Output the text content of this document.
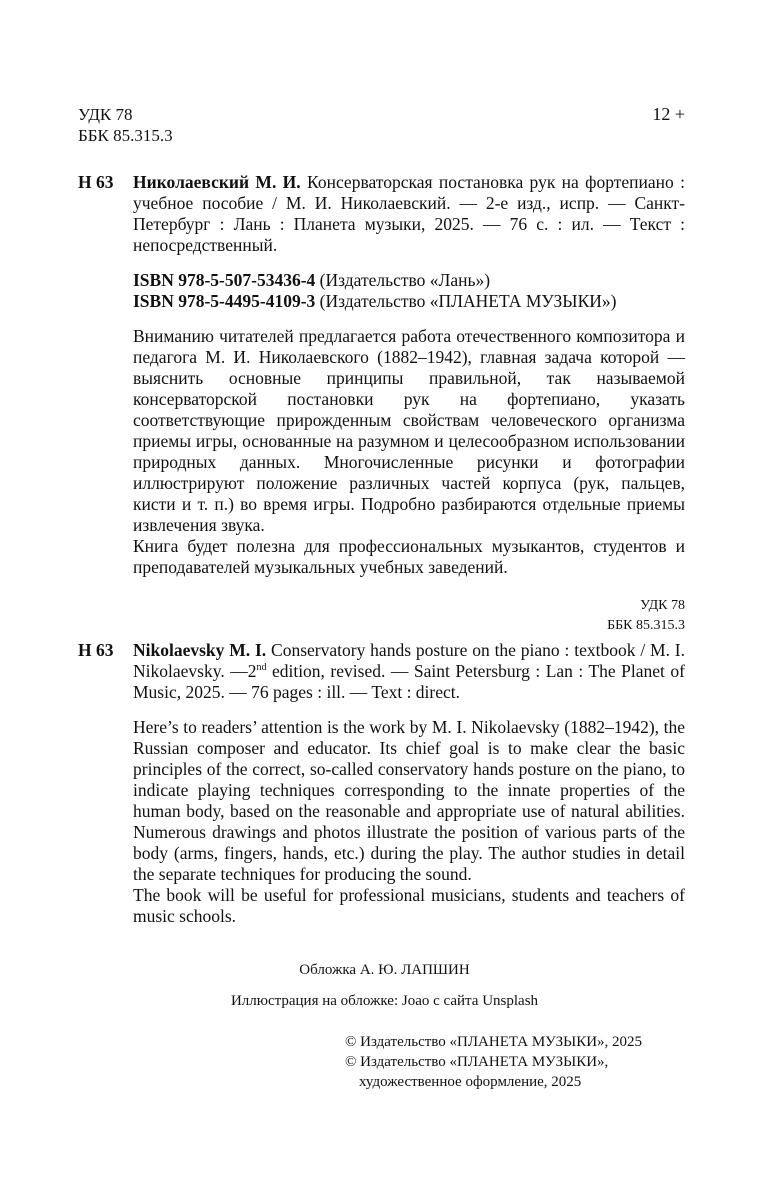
УДК 78
ББК 85.315.3
12 +
Н 63 Николаевский М. И. Консерваторская постановка рук на фортепиано : учебное пособие / М. И. Николаевский. — 2-е изд., испр. — Санкт-Петербург : Лань : Планета музыки, 2025. — 76 с. : ил. — Текст : непосредственный.
ISBN 978-5-507-53436-4 (Издательство «Лань»)
ISBN 978-5-4495-4109-3 (Издательство «ПЛАНЕТА МУЗЫКИ»)
Вниманию читателей предлагается работа отечественного композитора и педагога М. И. Николаевского (1882–1942), главная задача которой — выяснить основные принципы правильной, так называемой консерваторской постановки рук на фортепиано, указать соответствующие прирожденным свойствам человеческого организма приемы игры, основанные на разумном и целесообразном использовании природных данных. Многочисленные рисунки и фотографии иллюстрируют положение различных частей корпуса (рук, пальцев, кисти и т. п.) во время игры. Подробно разбираются отдельные приемы извлечения звука.
Книга будет полезна для профессиональных музыкантов, студентов и преподавателей музыкальных учебных заведений.
УДК 78
ББК 85.315.3
Н 63 Nikolaevsky M. I. Conservatory hands posture on the piano : textbook / M. I. Nikolaevsky. —2nd edition, revised. — Saint Petersburg : Lan : The Planet of Music, 2025. — 76 pages : ill. — Text : direct.
Here’s to readers’ attention is the work by M. I. Nikolaevsky (1882–1942), the Russian composer and educator. Its chief goal is to make clear the basic principles of the correct, so-called conservatory hands posture on the piano, to indicate playing techniques corresponding to the innate properties of the human body, based on the reasonable and appropriate use of natural abilities. Numerous drawings and photos illustrate the position of various parts of the body (arms, fingers, hands, etc.) during the play. The author studies in detail the separate techniques for producing the sound.
The book will be useful for professional musicians, students and teachers of music schools.
Обложка А. Ю. ЛАПШИН
Иллюстрация на обложке: Joao с сайта Unsplash
© Издательство «ПЛАНЕТА МУЗЫКИ», 2025
© Издательство «ПЛАНЕТА МУЗЫКИ»,
художественное оформление, 2025
